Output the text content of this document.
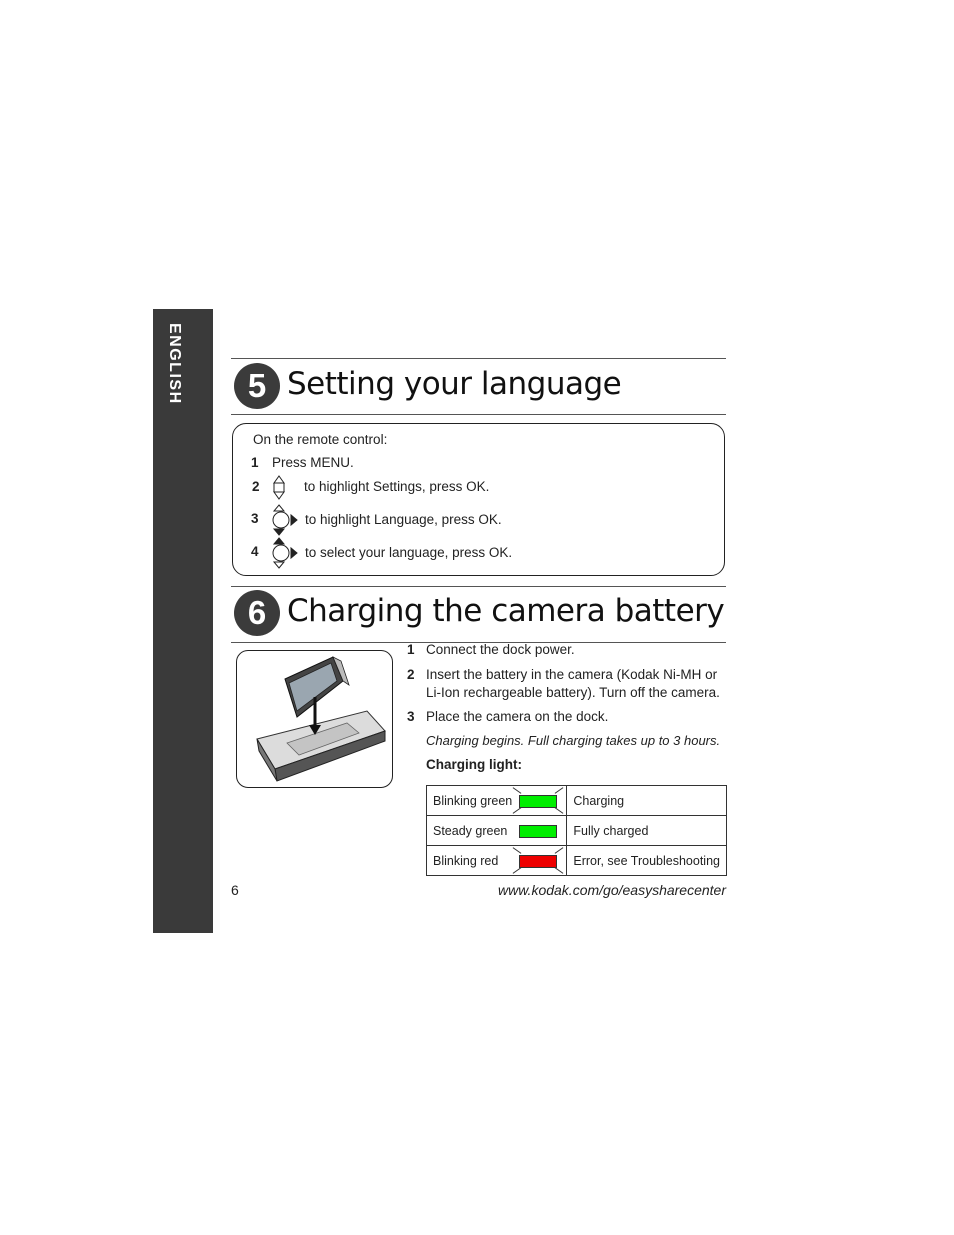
ENGLISH	5 Setting your language
On the remote control:
1 Press MENU.
2	to highlight Settings, press OK.
3	to highlight Language, press OK.
4	to select your language, press OK.
6 Charging the camera battery
1 Connect the dock power.
2 Insert the battery in the camera (Kodak Ni-MH or
Li-Ion rechargeable battery). Turn off the camera.
3 Place the camera on the dock.
Charging begins. Full charging takes up to 3 hours.
Charging light:
Blinking green	Charging
Steady green	Fully charged
Blinking red	Error, see Troubleshooting
6	www.kodak.com/go/easysharecenter
